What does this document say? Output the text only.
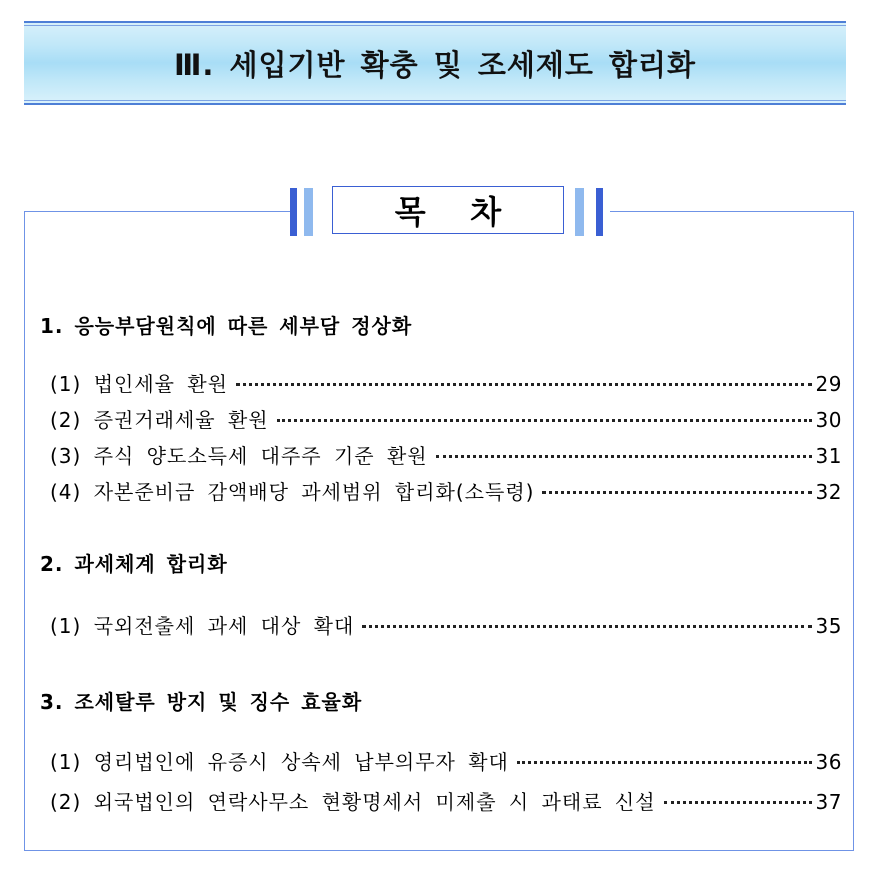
Ⅲ. 세입기반 확충 및 조세제도 합리화
목    차
1. 응능부담원칙에 따른 세부담 정상화
(1) 법인세율 환원	29
(2) 증권거래세율 환원	30
(3) 주식 양도소득세 대주주 기준 환원	31
(4) 자본준비금 감액배당 과세범위 합리화(소득령)	32
2. 과세체계 합리화
(1) 국외전출세 과세 대상 확대	35
3. 조세탈루 방지 및 징수 효율화
(1) 영리법인에 유증시 상속세 납부의무자 확대	36
(2) 외국법인의 연락사무소 현황명세서 미제출 시 과태료 신설	37
